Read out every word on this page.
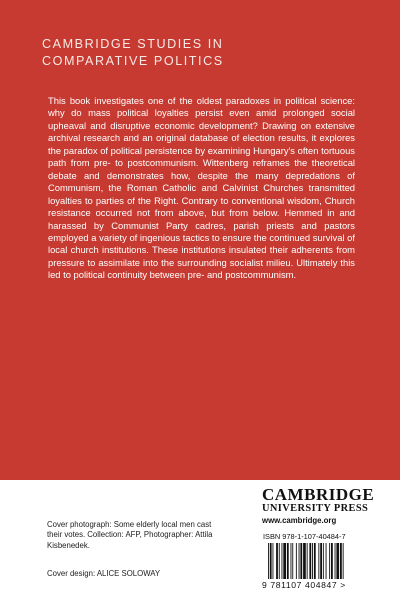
CAMBRIDGE STUDIES IN
COMPARATIVE POLITICS

This book investigates one of the oldest paradoxes in political science: why do mass political loyalties persist even amid prolonged social upheaval and disruptive economic development? Drawing on extensive archival research and an original database of election results, it explores the paradox of political persistence by examining Hungary's often tortuous path from pre- to postcommunism. Wittenberg reframes the theoretical debate and demonstrates how, despite the many depredations of Communism, the Roman Catholic and Calvinist Churches transmitted loyalties to parties of the Right. Contrary to conventional wisdom, Church resistance occurred not from above, but from below. Hemmed in and harassed by Communist Party cadres, parish priests and pastors employed a variety of ingenious tactics to ensure the continued survival of local church institutions. These institutions insulated their adherents from pressure to assimilate into the surrounding socialist milieu. Ultimately this led to political continuity between pre- and postcommunism.

Cover photograph: Some elderly local men cast their votes. Collection: AFP, Photographer: Attila Kisbenedek.

Cover design: ALICE SOLOWAY

CAMBRIDGE
UNIVERSITY PRESS
www.cambridge.org
ISBN 978-1-107-40484-7
9 781107 404847 >
